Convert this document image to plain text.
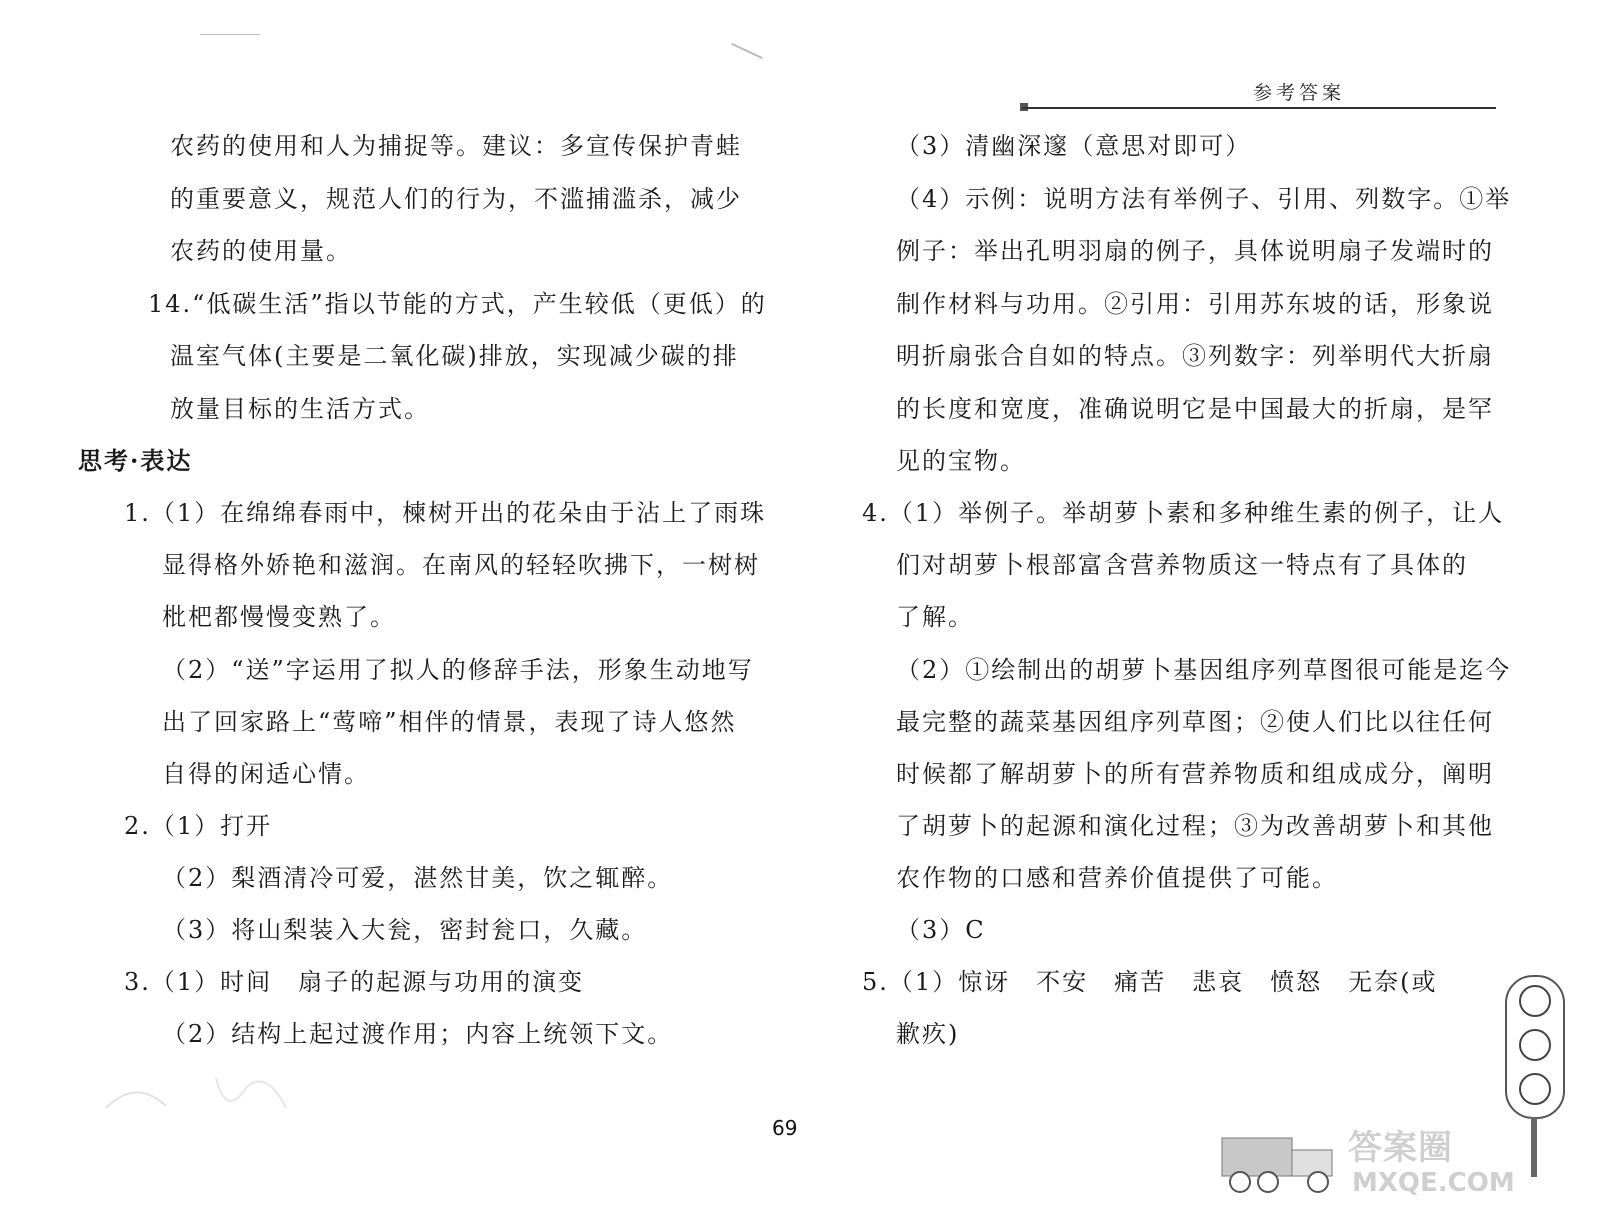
参考答案
农药的使用和人为捕捉等。建议：多宣传保护青蛙
的重要意义，规范人们的行为，不滥捕滥杀，减少
农药的使用量。
14.“低碳生活”指以节能的方式，产生较低（更低）的
温室气体(主要是二氧化碳)排放，实现减少碳的排
放量目标的生活方式。
思考·表达
1.（1）在绵绵春雨中，楝树开出的花朵由于沾上了雨珠
显得格外娇艳和滋润。在南风的轻轻吹拂下，一树树
枇杷都慢慢变熟了。
（2）“送”字运用了拟人的修辞手法，形象生动地写
出了回家路上“莺啼”相伴的情景，表现了诗人悠然
自得的闲适心情。
2.（1）打开
（2）梨酒清冷可爱，湛然甘美，饮之辄醉。
（3）将山梨装入大瓮，密封瓮口，久藏。
3.（1）时间　扇子的起源与功用的演变
（2）结构上起过渡作用；内容上统领下文。
（3）清幽深邃（意思对即可）
（4）示例：说明方法有举例子、引用、列数字。①举
例子：举出孔明羽扇的例子，具体说明扇子发端时的
制作材料与功用。②引用：引用苏东坡的话，形象说
明折扇张合自如的特点。③列数字：列举明代大折扇
的长度和宽度，准确说明它是中国最大的折扇，是罕
见的宝物。
4.（1）举例子。举胡萝卜素和多种维生素的例子，让人
们对胡萝卜根部富含营养物质这一特点有了具体的
了解。
（2）①绘制出的胡萝卜基因组序列草图很可能是迄今
最完整的蔬菜基因组序列草图；②使人们比以往任何
时候都了解胡萝卜的所有营养物质和组成成分，阐明
了胡萝卜的起源和演化过程；③为改善胡萝卜和其他
农作物的口感和营养价值提供了可能。
（3）C
5.（1）惊讶　不安　痛苦　悲哀　愤怒　无奈(或
歉疚)
69	答案圈
MXQE.COM
